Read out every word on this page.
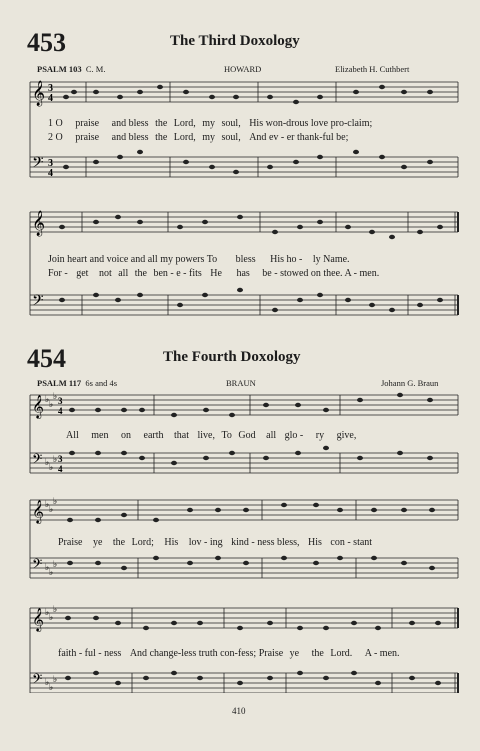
453	The Third Doxology
PSALM 103 C. M.	HOWARD	Elizabeth H. Cuthbert
𝄞 3
4
𝄢 3
4
1 O praise and bless the Lord, my soul, His won-drous love pro-claim;
2 O praise and bless the Lord, my soul, And ev - er thank-ful be;
𝄞
𝄢
Join heart and voice and all my powers To bless His ho - ly Name.
For - get not all the ben - e - fits He has be - stowed on thee. A - men.
454	The Fourth Doxology
PSALM 117 6s and 4s	BRAUN	Johann G. Braun
𝄞 ♭ ♭
♭ 3
4
𝄢 ♭ ♭
♭ 3
4
All men on earth that live, To God all glo - ry give,
𝄞 ♭ ♭
♭
𝄢 ♭ ♭
♭
Praise ye the Lord; His lov - ing kind - ness bless, His con - stant
𝄞 ♭ ♭
♭
𝄢 ♭ ♭
♭
faith - ful - ness And change-less truth con-fess; Praise ye the Lord. A - men.
410
